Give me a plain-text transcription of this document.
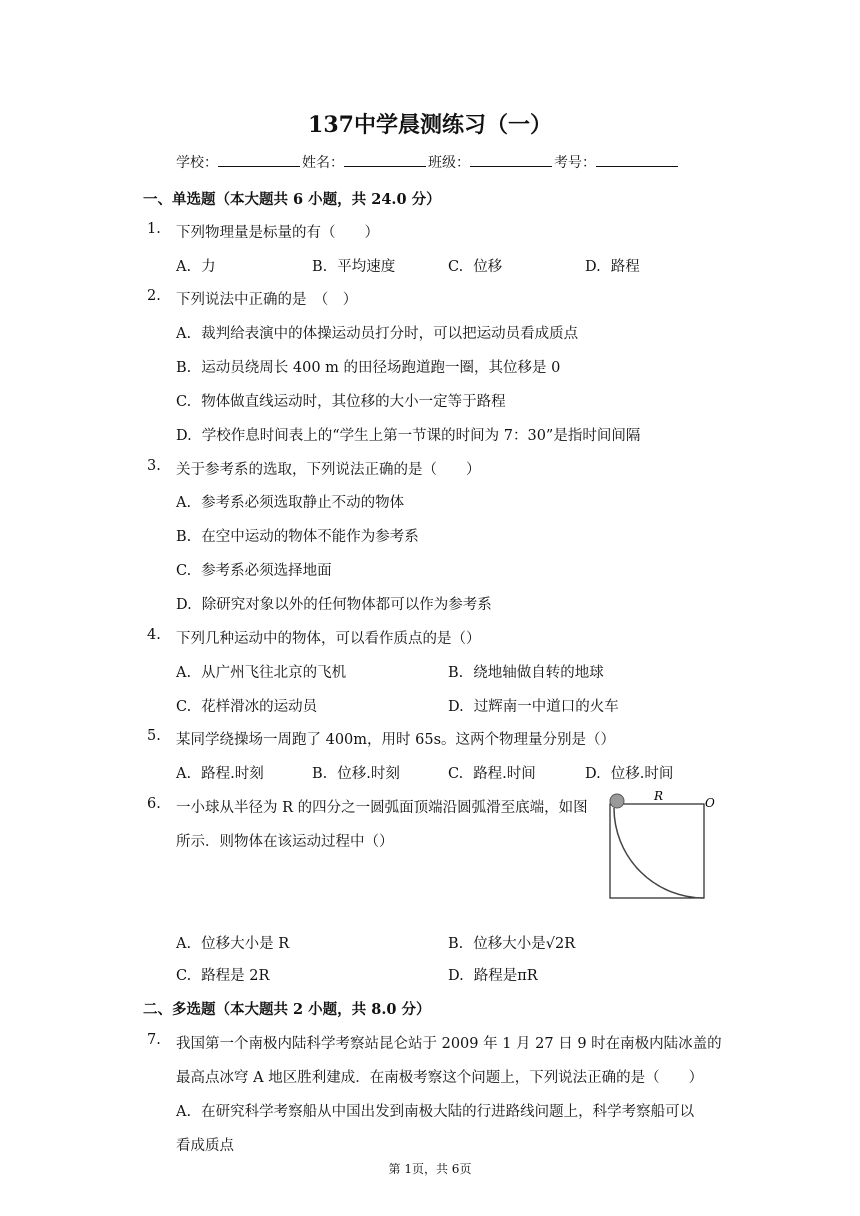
137中学晨测练习（一）
学校：	姓名：	班级：	考号：
一、单选题（本大题共 6 小题，共 24.0 分）
1. 下列物理量是标量的有（　　）
A. 力	B. 平均速度	C. 位移	D. 路程
2. 下列说法中正确的是　（　）
A. 裁判给表演中的体操运动员打分时，可以把运动员看成质点
B. 运动员绕周长 400 m 的田径场跑道跑一圈，其位移是 0
C. 物体做直线运动时，其位移的大小一定等于路程
D. 学校作息时间表上的“学生上第一节课的时间为 7：30”是指时间间隔
3. 关于参考系的选取，下列说法正确的是（　　）
A. 参考系必须选取静止不动的物体
B. 在空中运动的物体不能作为参考系
C. 参考系必须选择地面
D. 除研究对象以外的任何物体都可以作为参考系
4. 下列几种运动中的物体，可以看作质点的是（）
A. 从广州飞往北京的飞机	B. 绕地轴做自转的地球
C. 花样滑冰的运动员	D. 过辉南一中道口的火车
5. 某同学绕操场一周跑了 400m，用时 65s。这两个物理量分别是（）
A. 路程.时刻	B. 位移.时刻	C. 路程.时间	D. 位移.时间
6. 一小球从半径为 R 的四分之一圆弧面顶端沿圆弧滑至底端，如图
所示．则物体在该运动过程中（）
R	O
A. 位移大小是 R	B. 位移大小是√2R
C. 路程是 2R	D. 路程是πR
二、多选题（本大题共 2 小题，共 8.0 分）
7. 我国第一个南极内陆科学考察站昆仑站于 2009 年 1 月 27 日 9 时在南极内陆冰盖的
最高点冰穹 A 地区胜利建成．在南极考察这个问题上，下列说法正确的是（　　）
A. 在研究科学考察船从中国出发到南极大陆的行进路线问题上，科学考察船可以
看成质点
第 1页，共 6页
